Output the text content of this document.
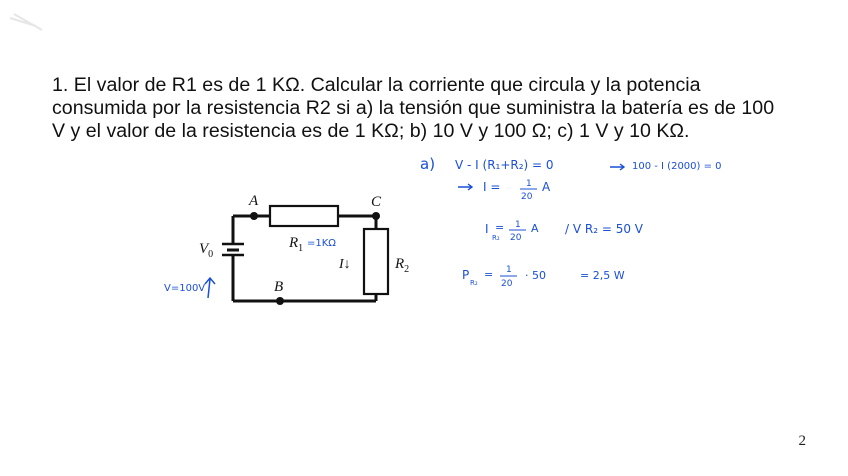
1. El valor de R1 es de 1 KΩ. Calcular la corriente que circula y la potencia consumida por la resistencia R2 si a) la tensión que suministra la batería es de 100 V y el valor de la resistencia es de 1 KΩ; b) 10 V y 100 Ω; c) 1 V y 10 KΩ.

A	C
B
$V_0$
$R_1$
I↓	$R_2$
=1KΩ
V=100V
a) V - I (R₁+R₂) = 0	100 - I (2000) = 0
I =	1
20
A
I
R₂
= 1
20
A / V R₂ = 50 V
P
R₂
= 1
20
· 50	= 2,5 W
2
